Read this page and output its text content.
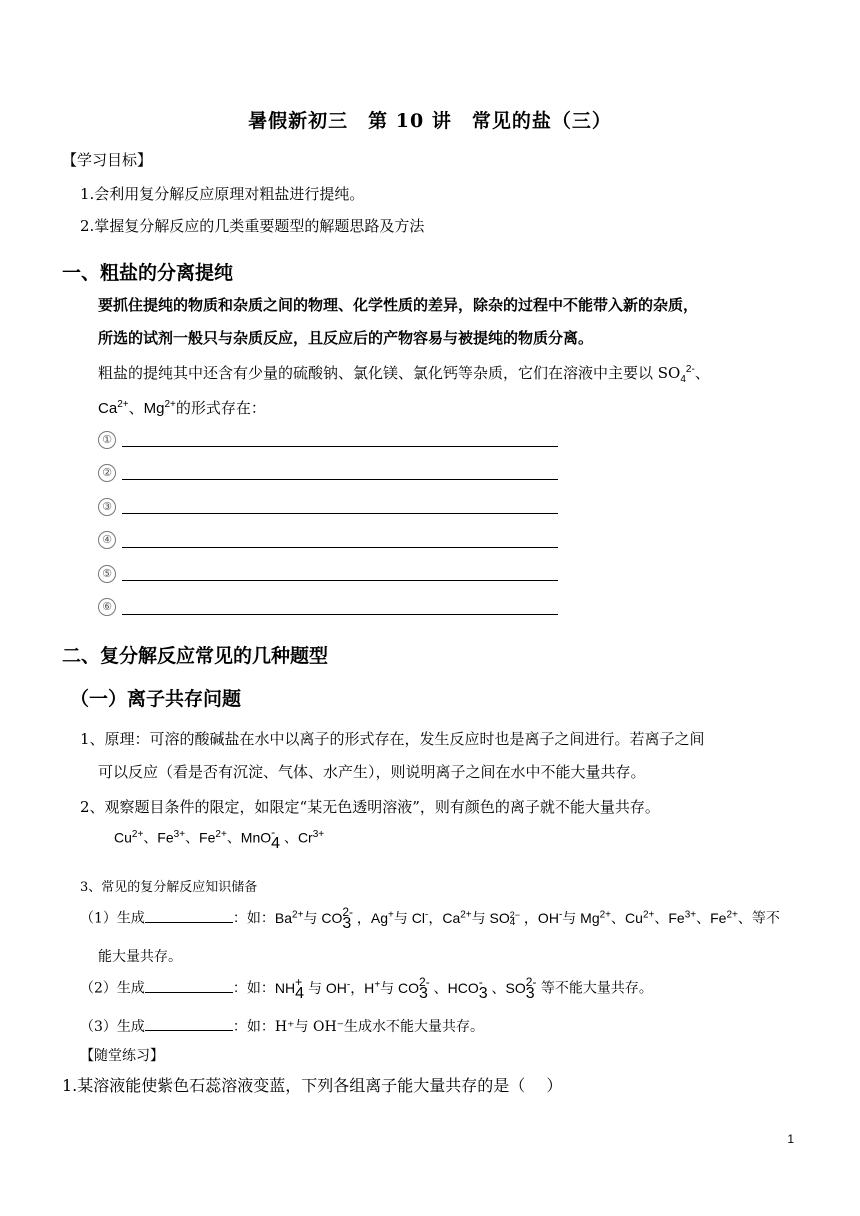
暑假新初三　第 10 讲　常见的盐（三）
【学习目标】
1.会利用复分解反应原理对粗盐进行提纯。
2.掌握复分解反应的几类重要题型的解题思路及方法
一、粗盐的分离提纯
要抓住提纯的物质和杂质之间的物理、化学性质的差异，除杂的过程中不能带入新的杂质，
所选的试剂一般只与杂质反应，且反应后的产物容易与被提纯的物质分离。
粗盐的提纯其中还含有少量的硫酸钠、氯化镁、氯化钙等杂质，它们在溶液中主要以 $SO_4^{2-}$、
$Ca^{2+}$、$Mg^{2+}$的形式存在：
①
②
③
④
⑤
⑥
二、复分解反应常见的几种题型
（一）离子共存问题
1、原理：可溶的酸碱盐在水中以离子的形式存在，发生反应时也是离子之间进行。若离子之间
可以反应（看是否有沉淀、气体、水产生），则说明离子之间在水中不能大量共存。
2、观察题目条件的限定，如限定“某无色透明溶液”，则有颜色的离子就不能大量共存。
$Cu^{2+}$、$Fe^{3+}$、$Fe^{2+}$、MnO -
4 、$Cr^{3+}$
3、常见的复分解反应知识储备
（1）生成	：如：$Ba^{2+}$与 CO 2-
3 ，Ag+与 Cl-，$Ca^{2+}$与 SO 2−
4 ，OH-与 $Mg^{2+}$、$Cu^{2+}$、$Fe^{3+}$、$Fe^{2+}$、等不
能大量共存。
（2）生成	：如：NH +
4 与 OH-，H+与 CO 2-
3 、HCO -
3 、SO 2-
3 等不能大量共存。
（3）生成	：如：H⁺与 OH⁻生成水不能大量共存。
【随堂练习】
1.某溶液能使紫色石蕊溶液变蓝，下列各组离子能大量共存的是（　 ）
1
